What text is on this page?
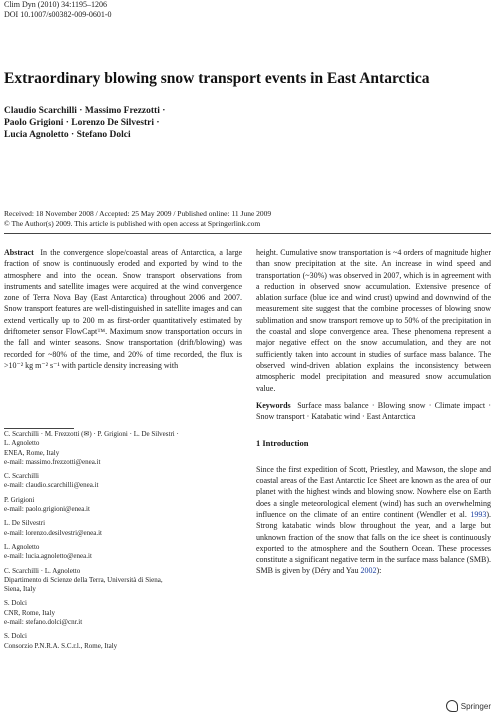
Clim Dyn (2010) 34:1195–1206
DOI 10.1007/s00382-009-0601-0
Extraordinary blowing snow transport events in East Antarctica
Claudio Scarchilli · Massimo Frezzotti ·
Paolo Grigioni · Lorenzo De Silvestri ·
Lucia Agnoletto · Stefano Dolci
Received: 18 November 2008 / Accepted: 25 May 2009 / Published online: 11 June 2009
© The Author(s) 2009. This article is published with open access at Springerlink.com

Abstract In the convergence slope/coastal areas of Antarctica, a large fraction of snow is continuously eroded and exported by wind to the atmosphere and into the ocean. Snow transport observations from instruments and satellite images were acquired at the wind convergence zone of Terra Nova Bay (East Antarctica) throughout 2006 and 2007. Snow transport features are well-distinguished in satellite images and can extend vertically up to 200 m as first-order quantitatively estimated by driftometer sensor FlowCapt™. Maximum snow transportation occurs in the fall and winter seasons. Snow transportation (drift/blowing) was recorded for ~80% of the time, and 20% of time recorded, the flux is >10⁻² kg m⁻² s⁻¹ with particle density increasing with

C. Scarchilli · M. Frezzotti (✉) · P. Grigioni · L. De Silvestri ·
L. Agnoletto
ENEA, Rome, Italy
e-mail: massimo.frezzotti@enea.it

C. Scarchilli
e-mail: claudio.scarchilli@enea.it

P. Grigioni
e-mail: paolo.grigioni@enea.it

L. De Silvestri
e-mail: lorenzo.desilvestri@enea.it

L. Agnoletto
e-mail: lucia.agnoletto@enea.it

C. Scarchilli · L. Agnoletto
Dipartimento di Scienze della Terra, Università di Siena,
Siena, Italy

S. Dolci
CNR, Rome, Italy
e-mail: stefano.dolci@cnr.it

S. Dolci
Consorzio P.N.R.A. S.C.r.l., Rome, Italy

height. Cumulative snow transportation is ~4 orders of magnitude higher than snow precipitation at the site. An increase in wind speed and transportation (~30%) was observed in 2007, which is in agreement with a reduction in observed snow accumulation. Extensive presence of ablation surface (blue ice and wind crust) upwind and downwind of the measurement site suggest that the combine processes of blowing snow sublimation and snow transport remove up to 50% of the precipitation in the coastal and slope convergence area. These phenomena represent a major negative effect on the snow accumulation, and they are not sufficiently taken into account in studies of surface mass balance. The observed wind-driven ablation explains the inconsistency between atmospheric model precipitation and measured snow accumulation value.

Keywords Surface mass balance · Blowing snow · Climate impact · Snow transport · Katabatic wind · East Antarctica

1 Introduction

Since the first expedition of Scott, Priestley, and Mawson, the slope and coastal areas of the East Antarctic Ice Sheet are known as the area of our planet with the highest winds and blowing snow. Nowhere else on Earth does a single meteorological element (wind) has such an overwhelming influence on the climate of an entire continent (Wendler et al. 1993). Strong katabatic winds blow throughout the year, and a large but unknown fraction of the snow that falls on the ice sheet is continuously exported to the atmosphere and the Southern Ocean. These processes constitute a significant negative term in the surface mass balance (SMB). SMB is given by (Déry and Yau 2002):

Springer
